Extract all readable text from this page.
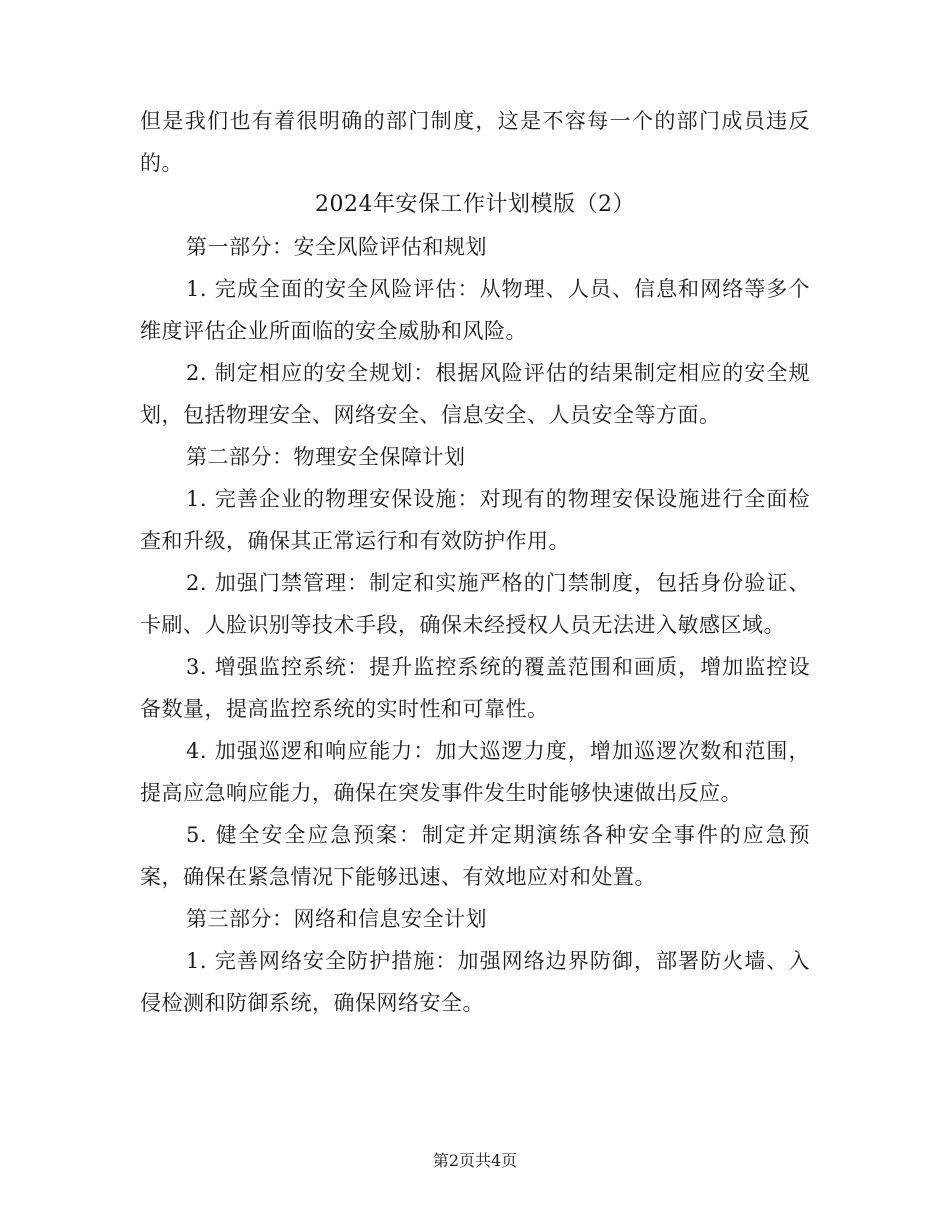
但是我们也有着很明确的部门制度，这是不容每一个的部门成员违反的。

2024年安保工作计划模版（2）

第一部分：安全风险评估和规划

1. 完成全面的安全风险评估：从物理、人员、信息和网络等多个维度评估企业所面临的安全威胁和风险。

2. 制定相应的安全规划：根据风险评估的结果制定相应的安全规划，包括物理安全、网络安全、信息安全、人员安全等方面。

第二部分：物理安全保障计划

1. 完善企业的物理安保设施：对现有的物理安保设施进行全面检查和升级，确保其正常运行和有效防护作用。

2. 加强门禁管理：制定和实施严格的门禁制度，包括身份验证、卡刷、人脸识别等技术手段，确保未经授权人员无法进入敏感区域。

3. 增强监控系统：提升监控系统的覆盖范围和画质，增加监控设备数量，提高监控系统的实时性和可靠性。

4. 加强巡逻和响应能力：加大巡逻力度，增加巡逻次数和范围，提高应急响应能力，确保在突发事件发生时能够快速做出反应。

5. 健全安全应急预案：制定并定期演练各种安全事件的应急预案，确保在紧急情况下能够迅速、有效地应对和处置。

第三部分：网络和信息安全计划

1. 完善网络安全防护措施：加强网络边界防御，部署防火墙、入侵检测和防御系统，确保网络安全。

第2页共4页
